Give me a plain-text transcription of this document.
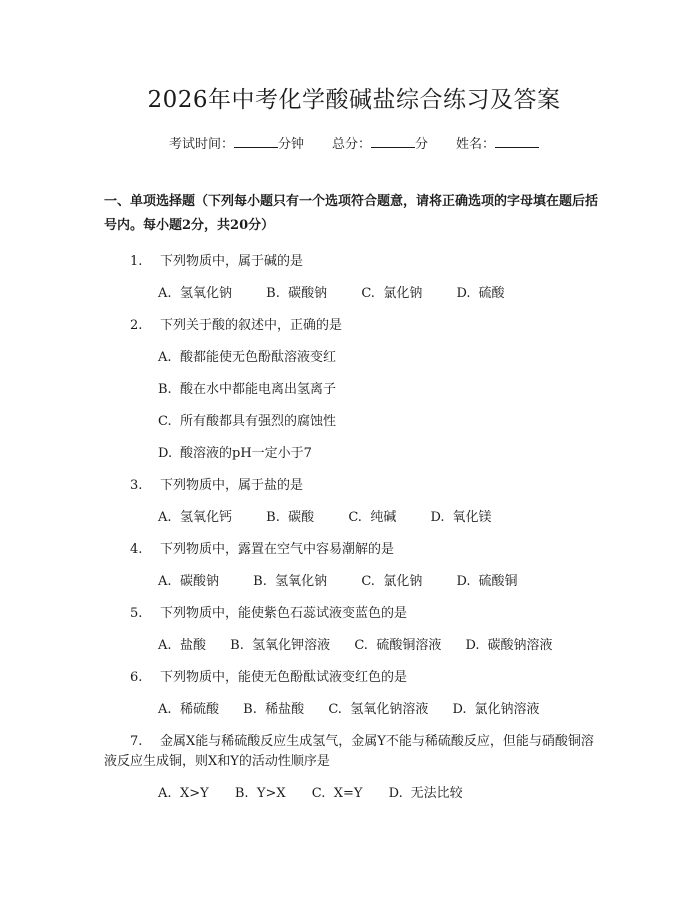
2026年中考化学酸碱盐综合练习及答案
考试时间：	分钟 总分：	分 姓名：
一、单项选择题（下列每小题只有一个选项符合题意，请将正确选项的字母填在题后括号内。每小题2分，共20分）
1. 下列物质中，属于碱的是
A. 氢氧化钠	B. 碳酸钠	C. 氯化钠	D. 硫酸
2. 下列关于酸的叙述中，正确的是
A. 酸都能使无色酚酞溶液变红
B. 酸在水中都能电离出氢离子
C. 所有酸都具有强烈的腐蚀性
D. 酸溶液的pH一定小于7
3. 下列物质中，属于盐的是
A. 氢氧化钙	B. 碳酸	C. 纯碱	D. 氧化镁
4. 下列物质中，露置在空气中容易潮解的是
A. 碳酸钠	B. 氢氧化钠	C. 氯化钠	D. 硫酸铜
5. 下列物质中，能使紫色石蕊试液变蓝色的是
A. 盐酸 B. 氢氧化钾溶液 C. 硫酸铜溶液 D. 碳酸钠溶液
6. 下列物质中，能使无色酚酞试液变红色的是
A. 稀硫酸 B. 稀盐酸 C. 氢氧化钠溶液 D. 氯化钠溶液
7. 金属X能与稀硫酸反应生成氢气，金属Y不能与稀硫酸反应，但能与硝酸铜溶液反应生成铜，则X和Y的活动性顺序是
A. X>Y B. Y>X C. X=Y D. 无法比较
